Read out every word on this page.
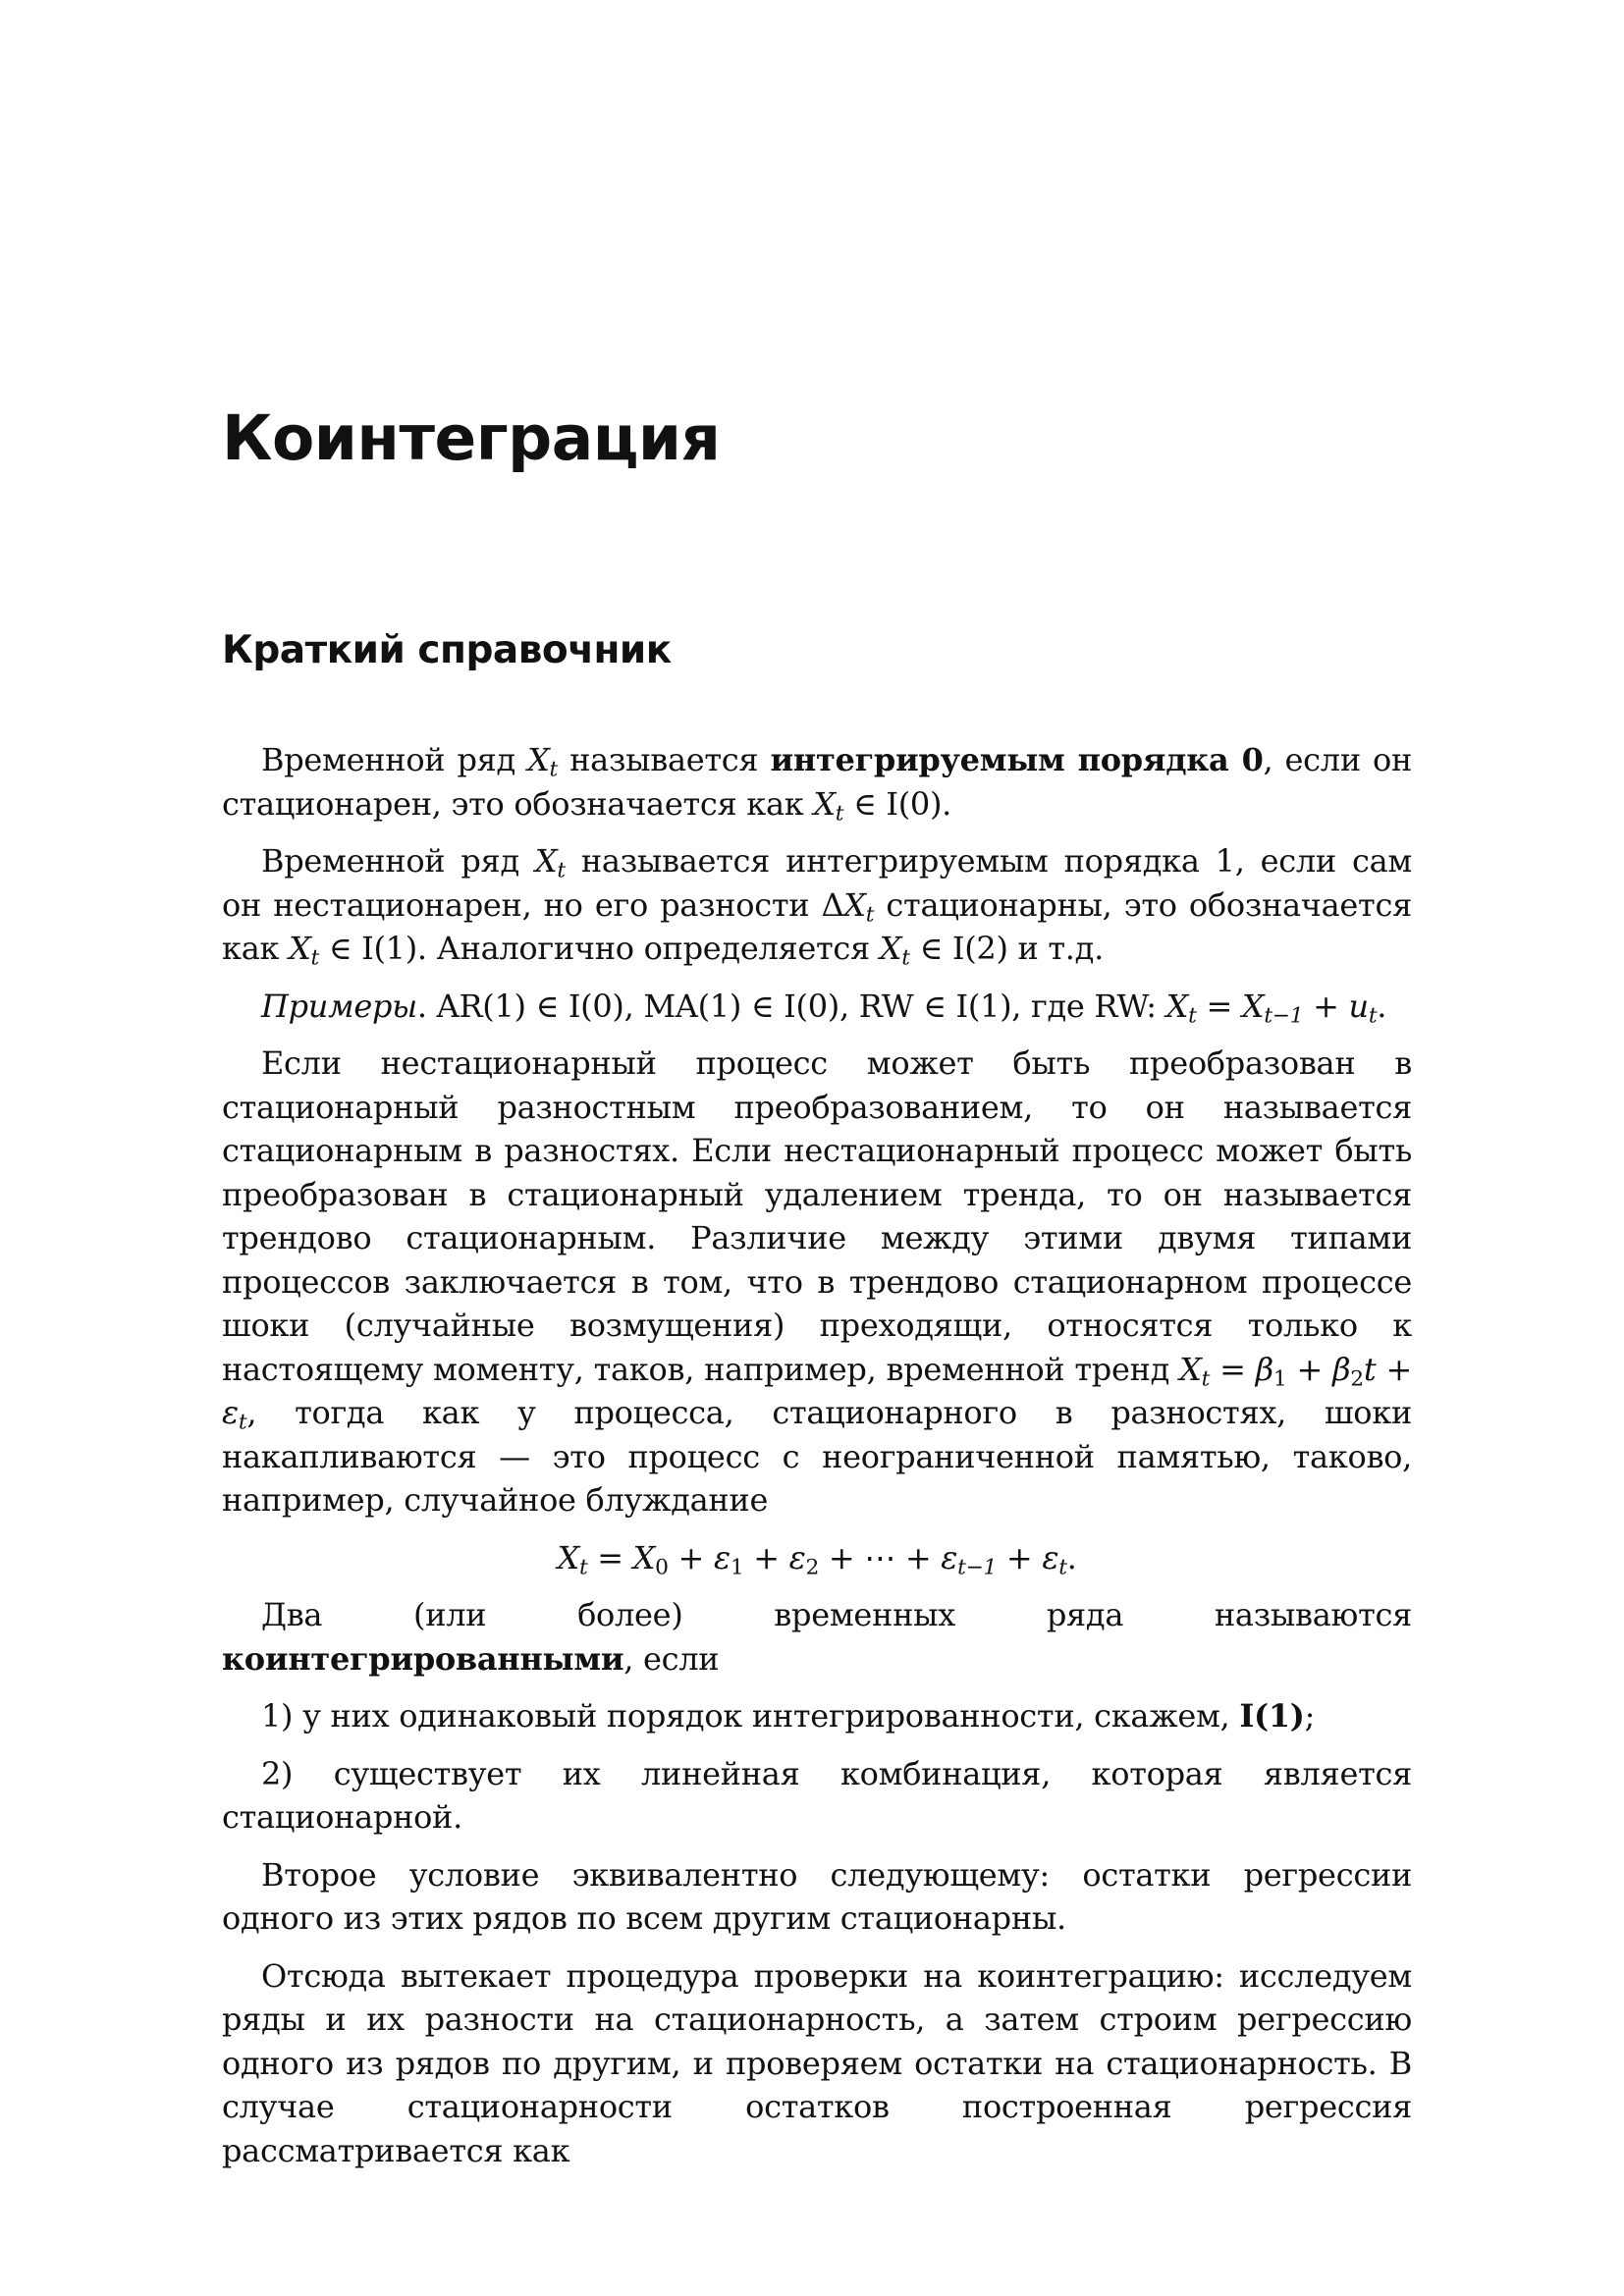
Коинтеграция
Краткий справочник

Временной ряд $X_t$ называется интегрируемым порядка 0, если он стационарен, это обозначается как $X_t$ ∈ I(0).

Временной ряд $X_t$ называется интегрируемым порядка 1, если сам он нестационарен, но его разности $\Delta X_t$ стационарны, это обозначается как $X_t$ ∈ I(1). Аналогично определяется $X_t$ ∈ I(2) и т.д.

Примеры. AR(1) ∈ I(0), MA(1) ∈ I(0), RW ∈ I(1), где RW: $X_t = X_{t-1} + u_t$.

Если нестационарный процесс может быть преобразован в стационарный разностным преобразованием, то он называется стационарным в разностях. Если нестационарный процесс может быть преобразован в стационарный удалением тренда, то он называется трендово стационарным. Различие между этими двумя типами процессов заключается в том, что в трендово стационарном процессе шоки (случайные возмущения) преходящи, относятся только к настоящему моменту, таков, например, временной тренд $X_t = \beta_1 + \beta_2t + \varepsilon_t$, тогда как у процесса, стационарного в разностях, шоки накапливаются — это процесс с неограниченной памятью, таково, например, случайное блуждание

$X_t = X_0 + \varepsilon_1 + \varepsilon_2$ + ⋯ + $\varepsilon_{t-1} + \varepsilon_t$.

Два (или более) временных ряда называются коинтегрированными, если

1) у них одинаковый порядок интегрированности, скажем, I(1);

2) существует их линейная комбинация, которая является стационарной.

Второе условие эквивалентно следующему: остатки регрессии одного из этих рядов по всем другим стационарны.

Отсюда вытекает процедура проверки на коинтеграцию: исследуем ряды и их разности на стационарность, а затем строим регрессию одного из рядов по другим, и проверяем остатки на стационарность. В случае стационарности остатков построенная регрессия рассматривается как
